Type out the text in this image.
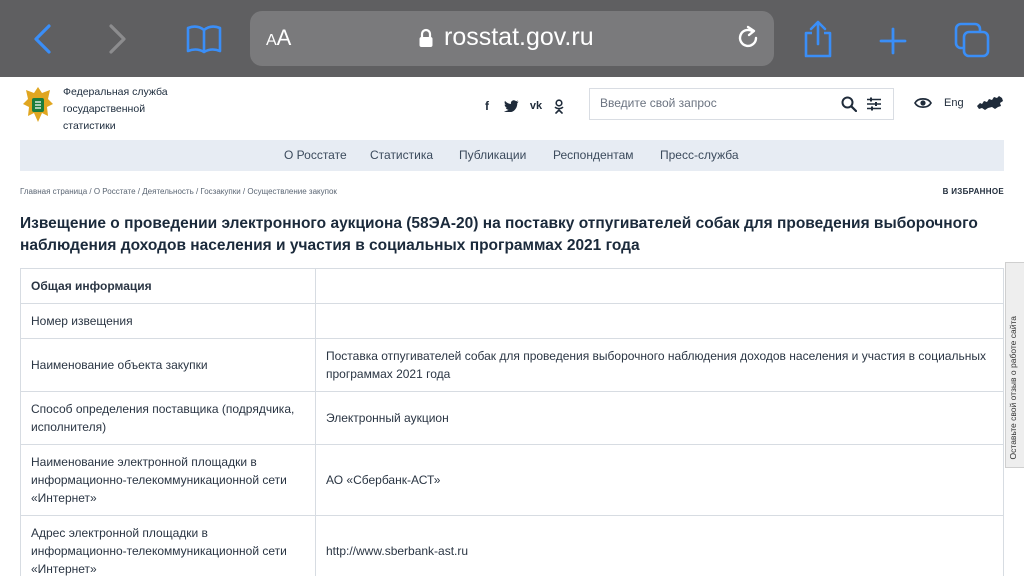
AA	rosstat.gov.ru
Федеральная служба
государственной
статистики
f	vk
Введите свой запрос	Eng
О Росстате Статистика Публикации Респондентам Пресс-служба
Главная страница / О Росстате / Деятельность / Госзакупки / Осуществление закупок	В ИЗБРАННОЕ
Извещение о проведении электронного аукциона (58ЭА-20) на поставку отпугивателей собак для проведения выборочного наблюдения доходов населения и участия в социальных программах 2021 года
Общая информация	
Номер извещения	
Наименование объекта закупки	Поставка отпугивателей собак для проведения выборочного наблюдения доходов населения и участия в социальных программах 2021 года
Способ определения поставщика (подрядчика, исполнителя)	Электронный аукцион
Наименование электронной площадки в информационно-телекоммуникационной сети «Интернет»	АО «Сбербанк-АСТ»
Адрес электронной площадки в информационно-телекоммуникационной сети «Интернет»	http://www.sberbank-ast.ru
Оставьте свой отзыв о работе сайта
